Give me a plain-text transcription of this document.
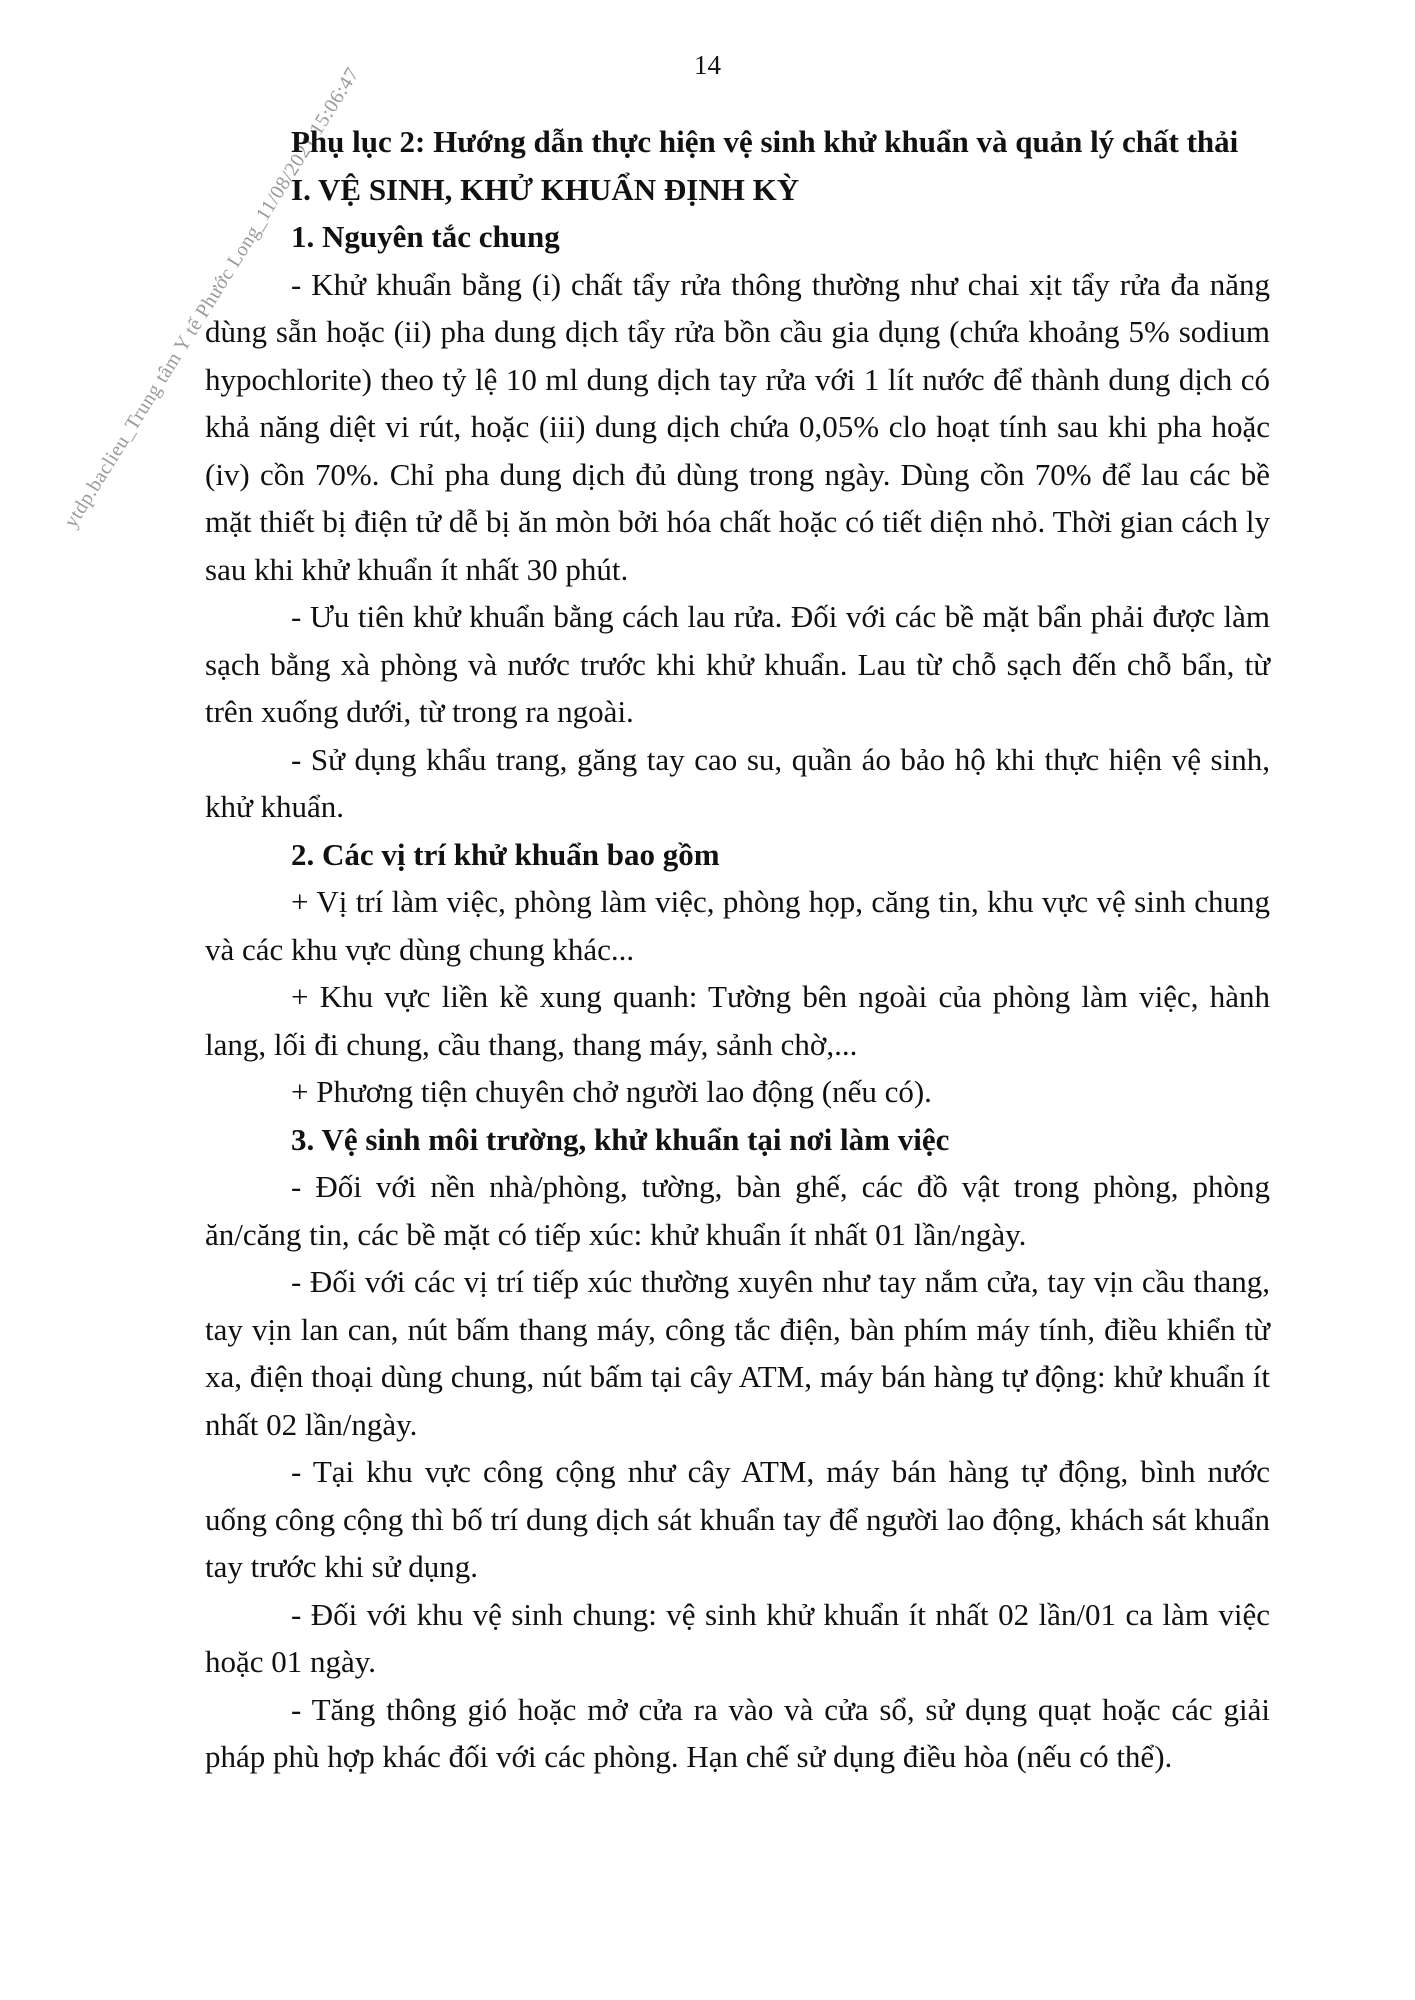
ytdp.baclieu_Trung tâm Y tế Phước Long_11/08/2021 15:06:47	14

Phụ lục 2: Hướng dẫn thực hiện vệ sinh khử khuẩn và quản lý chất thải

I. VỆ SINH, KHỬ KHUẨN ĐỊNH KỲ
1. Nguyên tắc chung

- Khử khuẩn bằng (i) chất tẩy rửa thông thường như chai xịt tẩy rửa đa năng dùng sẵn hoặc (ii) pha dung dịch tẩy rửa bồn cầu gia dụng (chứa khoảng 5% sodium hypochlorite) theo tỷ lệ 10 ml dung dịch tay rửa với 1 lít nước để thành dung dịch có khả năng diệt vi rút, hoặc (iii) dung dịch chứa 0,05% clo hoạt tính sau khi pha hoặc (iv) cồn 70%. Chỉ pha dung dịch đủ dùng trong ngày. Dùng cồn 70% để lau các bề mặt thiết bị điện tử dễ bị ăn mòn bởi hóa chất hoặc có tiết diện nhỏ. Thời gian cách ly sau khi khử khuẩn ít nhất 30 phút.

- Ưu tiên khử khuẩn bằng cách lau rửa. Đối với các bề mặt bẩn phải được làm sạch bằng xà phòng và nước trước khi khử khuẩn. Lau từ chỗ sạch đến chỗ bẩn, từ trên xuống dưới, từ trong ra ngoài.

- Sử dụng khẩu trang, găng tay cao su, quần áo bảo hộ khi thực hiện vệ sinh, khử khuẩn.

2. Các vị trí khử khuẩn bao gồm

+ Vị trí làm việc, phòng làm việc, phòng họp, căng tin, khu vực vệ sinh chung và các khu vực dùng chung khác...

+ Khu vực liền kề xung quanh: Tường bên ngoài của phòng làm việc, hành lang, lối đi chung, cầu thang, thang máy, sảnh chờ,...

+ Phương tiện chuyên chở người lao động (nếu có).

3. Vệ sinh môi trường, khử khuẩn tại nơi làm việc

- Đối với nền nhà/phòng, tường, bàn ghế, các đồ vật trong phòng, phòng ăn/căng tin, các bề mặt có tiếp xúc: khử khuẩn ít nhất 01 lần/ngày.

- Đối với các vị trí tiếp xúc thường xuyên như tay nắm cửa, tay vịn cầu thang, tay vịn lan can, nút bấm thang máy, công tắc điện, bàn phím máy tính, điều khiển từ xa, điện thoại dùng chung, nút bấm tại cây ATM, máy bán hàng tự động: khử khuẩn ít nhất 02 lần/ngày.

- Tại khu vực công cộng như cây ATM, máy bán hàng tự động, bình nước uống công cộng thì bố trí dung dịch sát khuẩn tay để người lao động, khách sát khuẩn tay trước khi sử dụng.

- Đối với khu vệ sinh chung: vệ sinh khử khuẩn ít nhất 02 lần/01 ca làm việc hoặc 01 ngày.

- Tăng thông gió hoặc mở cửa ra vào và cửa sổ, sử dụng quạt hoặc các giải pháp phù hợp khác đối với các phòng. Hạn chế sử dụng điều hòa (nếu có thể).
